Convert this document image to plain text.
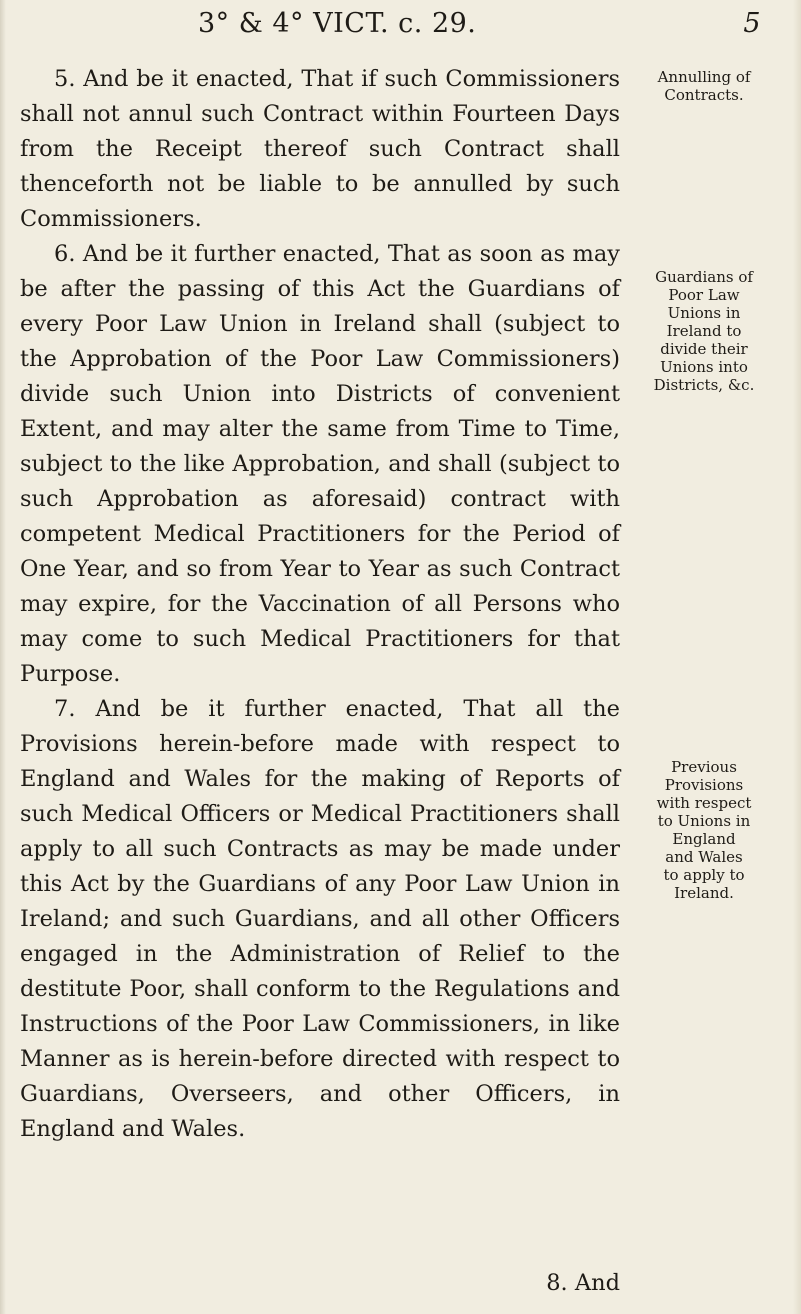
3° & 4° VICT. c. 29.	5

5. And be it enacted, That if such Commissioners shall not annul such Contract within Fourteen Days from the Receipt thereof such Contract shall thenceforth not be liable to be annulled by such Commissioners.

6. And be it further enacted, That as soon as may be after the passing of this Act the Guardians of every Poor Law Union in Ireland shall (subject to the Approbation of the Poor Law Commissioners) divide such Union into Districts of convenient Extent, and may alter the same from Time to Time, subject to the like Approbation, and shall (subject to such Approbation as aforesaid) contract with competent Medical Practitioners for the Period of One Year, and so from Year to Year as such Contract may expire, for the Vaccination of all Persons who may come to such Medical Practitioners for that Purpose.

7. And be it further enacted, That all the Provisions herein-before made with respect to England and Wales for the making of Reports of such Medical Officers or Medical Practitioners shall apply to all such Contracts as may be made under this Act by the Guardians of any Poor Law Union in Ireland; and such Guardians, and all other Officers engaged in the Administration of Relief to the destitute Poor, shall conform to the Regulations and Instructions of the Poor Law Commissioners, in like Manner as is herein-before directed with respect to Guardians, Overseers, and other Officers, in England and Wales.

8. And
Annulling of
Contracts.
Guardians of
Poor Law
Unions in
Ireland to
divide their
Unions into
Districts, &c.
Previous
Provisions
with respect
to Unions in
England
and Wales
to apply to
Ireland.
